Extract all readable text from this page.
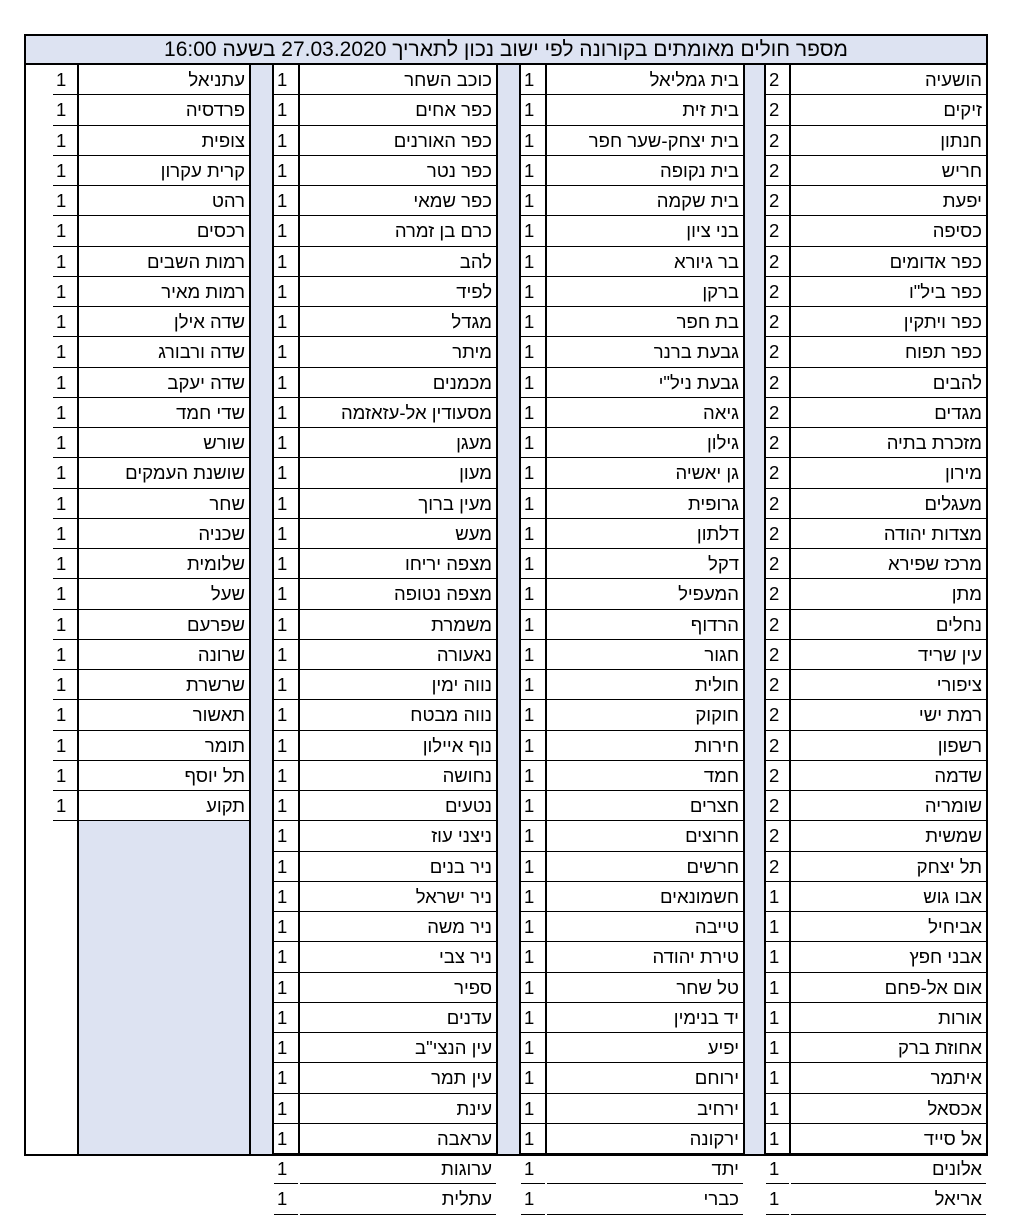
מספר חולים מאומתים בקורונה לפי ישוב נכון לתאריך 27.03.2020 בשעה 16:00
הושעיה
זיקים
חנתון
חריש
יפעת
כסיפה
כפר אדומים
כפר ביל"ו
כפר ויתקין
כפר תפוח
להבים
מגדים
מזכרת בתיה
מירון
מעגלים
מצדות יהודה
מרכז שפירא
מתן
נחלים
עין שריד
ציפורי
רמת ישי
רשפון
שדמה
שומריה
שמשית
תל יצחק
אבו גוש
אביחיל
אבני חפץ
אום אל-פחם
אורות
אחוזת ברק
איתמר
אכסאל
אל סייד
אלונים
אריאל
2
2
2
2
2
2
2
2
2
2
2
2
2
2
2
2
2
2
2
2
2
2
2
2
2
2
2
1
1
1
1
1
1
1
1
1
1
1
בית גמליאל
בית זית
בית יצחק-שער חפר
בית נקופה
בית שקמה
בני ציון
בר גיורא
ברקן
בת חפר
גבעת ברנר
גבעת ניל"י
גיאה
גילון
גן יאשיה
גרופית
דלתון
דקל
המעפיל
הרדוף
חגור
חולית
חוקוק
חירות
חמד
חצרים
חרוצים
חרשים
חשמונאים
טייבה
טירת יהודה
טל שחר
יד בנימין
יפיע
ירוחם
ירחיב
ירקונה
יתד
כברי
1
1
1
1
1
1
1
1
1
1
1
1
1
1
1
1
1
1
1
1
1
1
1
1
1
1
1
1
1
1
1
1
1
1
1
1
1
1
כוכב השחר
כפר אחים
כפר האורנים
כפר נטר
כפר שמאי
כרם בן זמרה
להב
לפיד
מגדל
מיתר
מכמנים
מסעודין אל-עזאזמה
מעגן
מעון
מעין ברוך
מעש
מצפה יריחו
מצפה נטופה
משמרת
נאעורה
נווה ימין
נווה מבטח
נוף איילון
נחושה
נטעים
ניצני עוז
ניר בנים
ניר ישראל
ניר משה
ניר צבי
ספיר
עדנים
עין הנצי"ב
עין תמר
עינת
עראבה
ערוגות
עתלית
1
1
1
1
1
1
1
1
1
1
1
1
1
1
1
1
1
1
1
1
1
1
1
1
1
1
1
1
1
1
1
1
1
1
1
1
1
1
עתניאל
פרדסיה
צופית
קרית עקרון
רהט
רכסים
רמות השבים
רמות מאיר
שדה אילן
שדה ורבורג
שדה יעקב
שדי חמד
שורש
שושנת העמקים
שחר
שכניה
שלומית
שעל
שפרעם
שרונה
שרשרת
תאשור
תומר
תל יוסף
תקוע
1
1
1
1
1
1
1
1
1
1
1
1
1
1
1
1
1
1
1
1
1
1
1
1
1
